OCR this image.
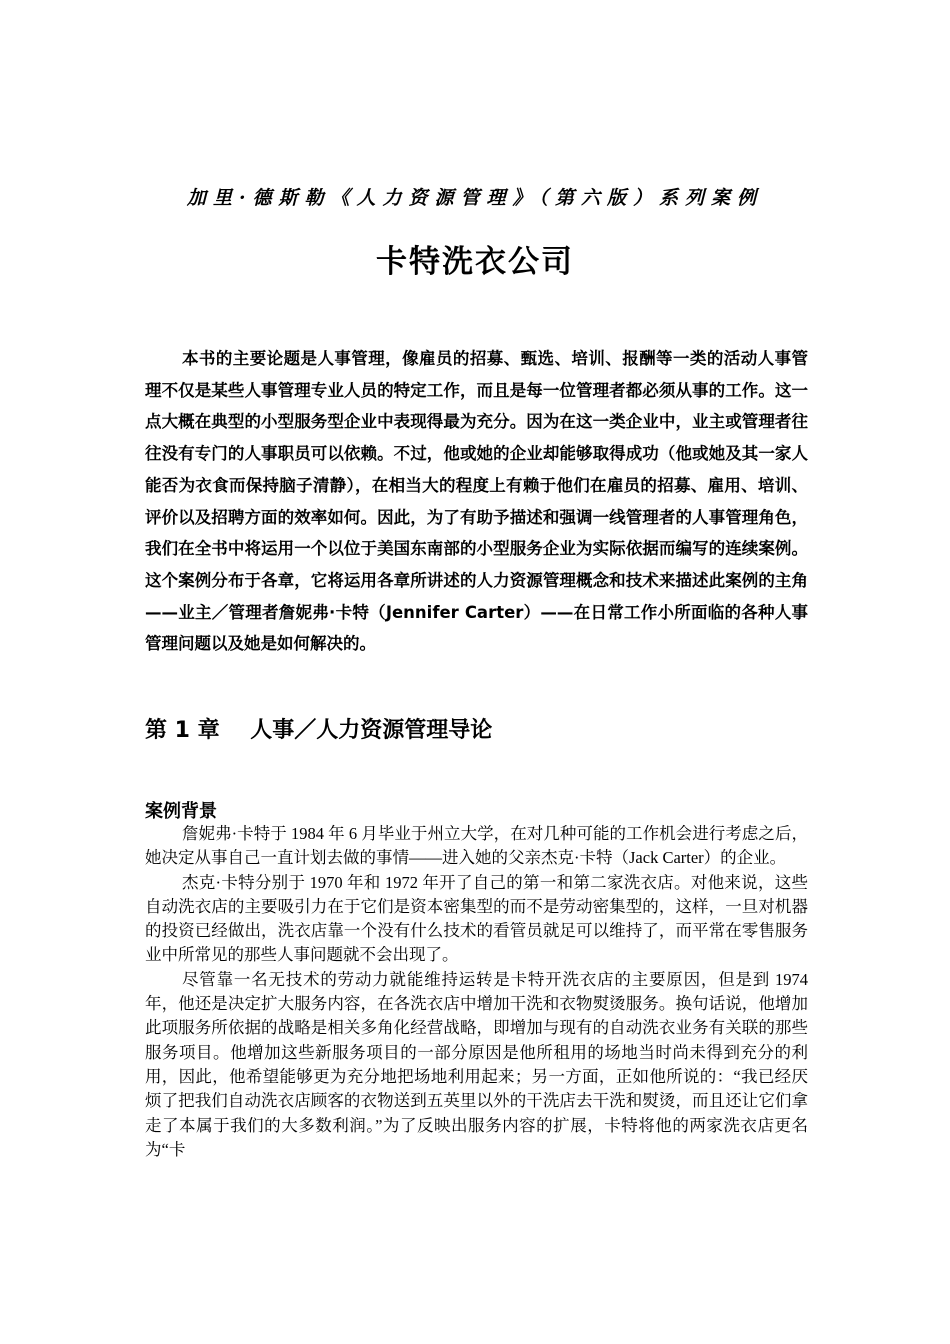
加里·德斯勒《人力资源管理》（第六版）系列案例
卡特洗衣公司

本书的主要论题是人事管理，像雇员的招募、甄选、培训、报酬等一类的活动人事管理不仅是某些人事管理专业人员的特定工作，而且是每一位管理者都必须从事的工作。这一点大概在典型的小型服务型企业中表现得最为充分。因为在这一类企业中，业主或管理者往往没有专门的人事职员可以依赖。不过，他或她的企业却能够取得成功（他或她及其一家人能否为衣食而保持脑子清静），在相当大的程度上有赖于他们在雇员的招募、雇用、培训、评价以及招聘方面的效率如何。因此，为了有助予描述和强调一线管理者的人事管理角色，我们在全书中将运用一个以位于美国东南部的小型服务企业为实际依据而编写的连续案例。这个案例分布于各章，它将运用各章所讲述的人力资源管理概念和技术来描述此案例的主角——业主／管理者詹妮弗·卡特（Jennifer Carter）——在日常工作小所面临的各种人事管理问题以及她是如何解决的。

第 1 章    人事／人力资源管理导论
案例背景

詹妮弗·卡特于 1984 年 6 月毕业于州立大学，在对几种可能的工作机会进行考虑之后，她决定从事自己一直计划去做的事情——进入她的父亲杰克·卡特（Jack Carter）的企业。

杰克·卡特分别于 1970 年和 1972 年开了自己的第一和第二家洗衣店。对他来说，这些自动洗衣店的主要吸引力在于它们是资本密集型的而不是劳动密集型的，这样，一旦对机器的投资已经做出，洗衣店靠一个没有什么技术的看管员就足可以维持了，而平常在零售服务业中所常见的那些人事问题就不会出现了。

尽管靠一名无技术的劳动力就能维持运转是卡特开洗衣店的主要原因，但是到 1974 年，他还是决定扩大服务内容，在各洗衣店中增加干洗和衣物熨烫服务。换句话说，他增加此项服务所依据的战略是相关多角化经营战略，即增加与现有的自动洗衣业务有关联的那些服务项目。他增加这些新服务项目的一部分原因是他所租用的场地当时尚未得到充分的利用，因此，他希望能够更为充分地把场地利用起来；另一方面，正如他所说的：“我已经厌烦了把我们自动洗衣店顾客的衣物送到五英里以外的干洗店去干洗和熨烫，而且还让它们拿走了本属于我们的大多数利润。”为了反映出服务内容的扩展，卡特将他的两家洗衣店更名为“卡
